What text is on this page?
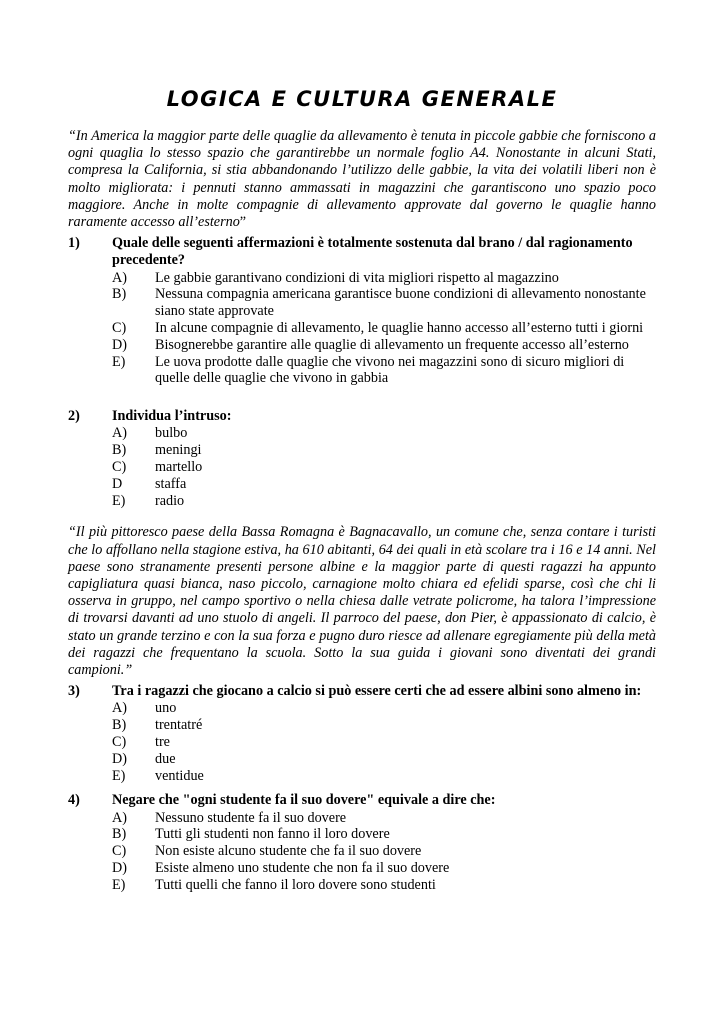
LOGICA E CULTURA GENERALE

“In America la maggior parte delle quaglie da allevamento è tenuta in piccole gabbie che forniscono a ogni quaglia lo stesso spazio che garantirebbe un normale foglio A4. Nonostante in alcuni Stati, compresa la California, si stia abbandonando l’utilizzo delle gabbie, la vita dei volatili liberi non è molto migliorata: i pennuti stanno ammassati in magazzini che garantiscono uno spazio poco maggiore. Anche in molte compagnie di allevamento approvate dal governo le quaglie hanno raramente accesso all’esterno”

1)	Quale delle seguenti affermazioni è totalmente sostenuta dal brano / dal ragionamento precedente?
A)	Le gabbie garantivano condizioni di vita migliori rispetto al magazzino
B)	Nessuna compagnia americana garantisce buone condizioni di allevamento nonostante siano state approvate
C)	In alcune compagnie di allevamento, le quaglie hanno accesso all’esterno tutti i giorni
D)	Bisognerebbe garantire alle quaglie di allevamento un frequente accesso all’esterno
E)	Le uova prodotte dalle quaglie che vivono nei magazzini sono di sicuro migliori di quelle delle quaglie che vivono in gabbia
2)	Individua l’intruso:
A)	bulbo
B)	meningi
C)	martello
D	staffa
E)	radio

“Il più pittoresco paese della Bassa Romagna è Bagnacavallo, un comune che, senza contare i turisti che lo affollano nella stagione estiva, ha 610 abitanti, 64 dei quali in età scolare tra i 16 e 14 anni. Nel paese sono stranamente presenti persone albine e la maggior parte di questi ragazzi ha appunto capigliatura quasi bianca, naso piccolo, carnagione molto chiara ed efelidi sparse, così che chi li osserva in gruppo, nel campo sportivo o nella chiesa dalle vetrate policrome, ha talora l’impressione di trovarsi davanti ad uno stuolo di angeli. Il parroco del paese, don Pier, è appassionato di calcio, è stato un grande terzino e con la sua forza e pugno duro riesce ad allenare egregiamente più della metà dei ragazzi che frequentano la scuola. Sotto la sua guida i giovani sono diventati dei grandi campioni.”

3)	Tra i ragazzi che giocano a calcio si può essere certi che ad essere albini sono almeno in:
A)	uno
B)	trentatré
C)	tre
D)	due
E)	ventidue
4)	Negare che "ogni studente fa il suo dovere" equivale a dire che:
A)	Nessuno studente fa il suo dovere
B)	Tutti gli studenti non fanno il loro dovere
C)	Non esiste alcuno studente che fa il suo dovere
D)	Esiste almeno uno studente che non fa il suo dovere
E)	Tutti quelli che fanno il loro dovere sono studenti
